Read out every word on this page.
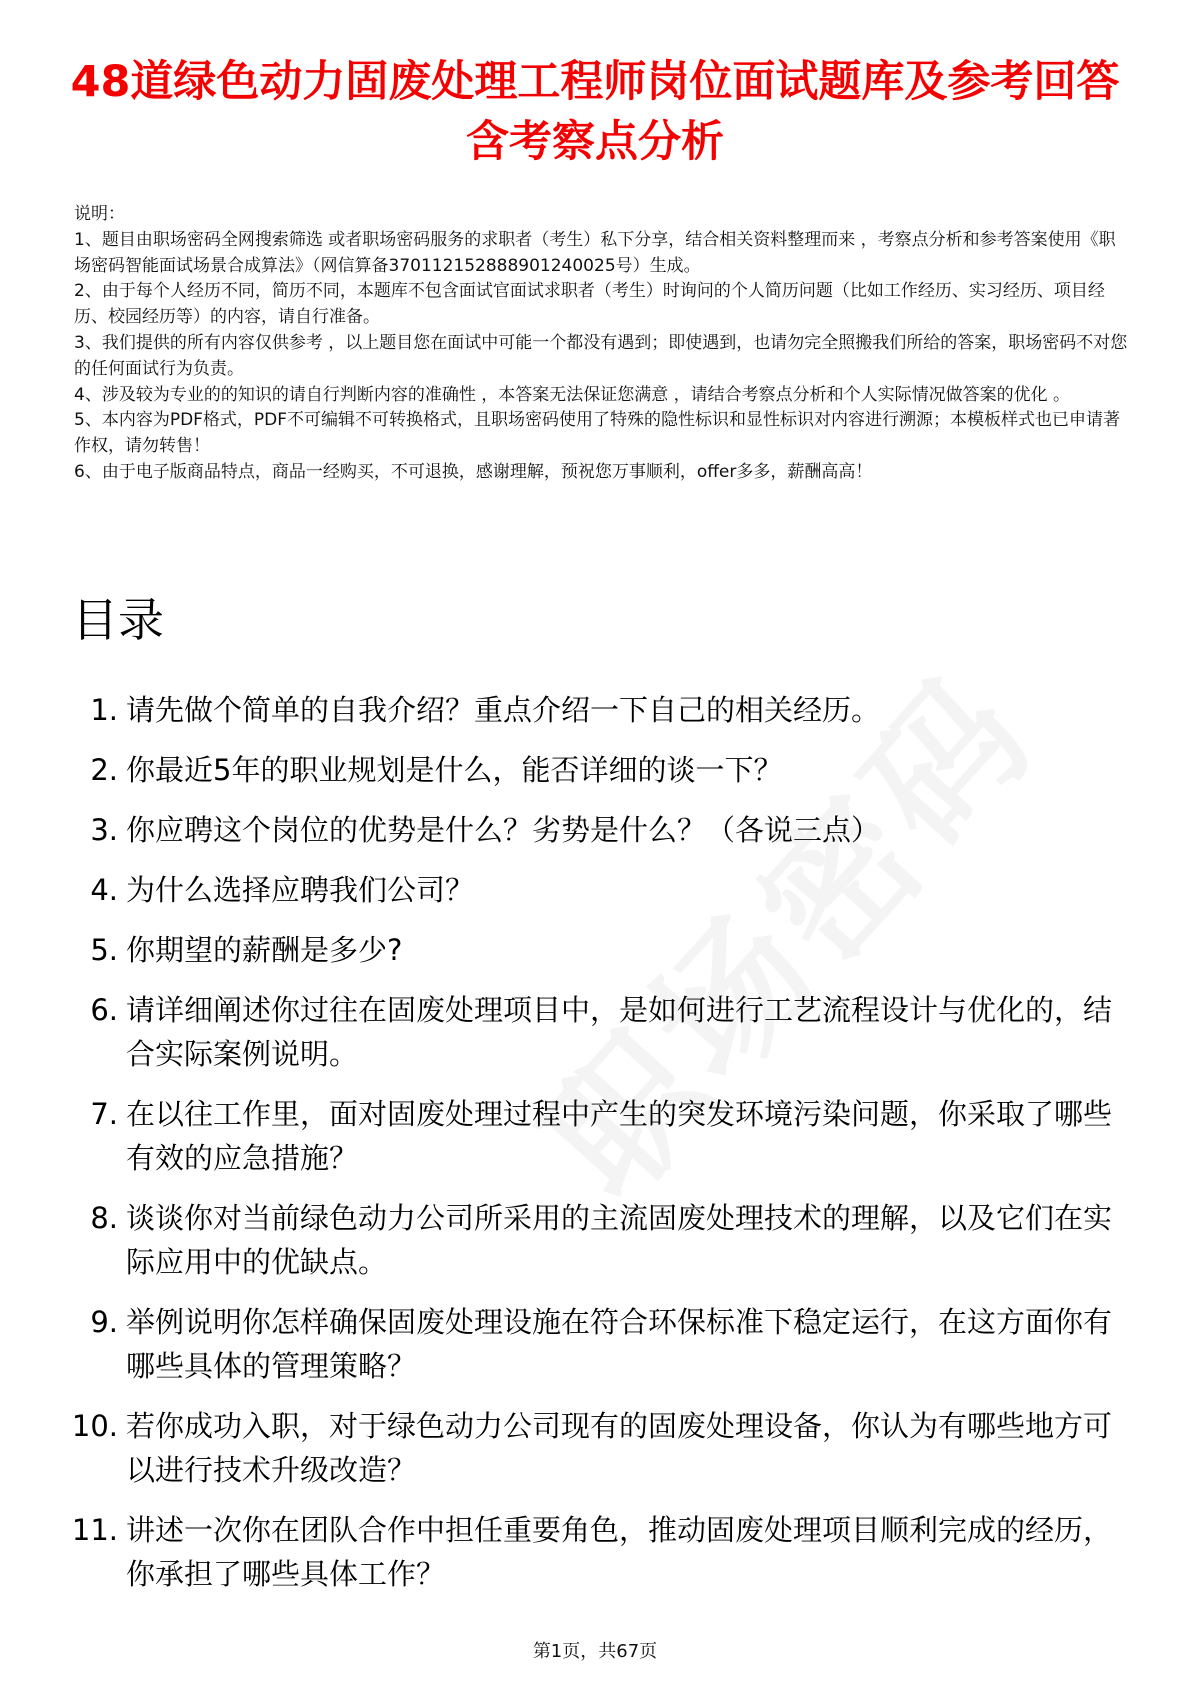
48道绿色动力固废处理工程师岗位面试题库及参考回答含考察点分析

说明：

1、题目由职场密码全网搜索筛选 或者职场密码服务的求职者（考生）私下分享，结合相关资料整理而来 ，考察点分析和参考答案使用《职场密码智能面试场景合成算法》（网信算备370112152888901240025号）生成。

2、由于每个人经历不同，简历不同，本题库不包含面试官面试求职者（考生）时询问的个人简历问题（比如工作经历、实习经历、项目经历、校园经历等）的内容，请自行准备。

3、我们提供的所有内容仅供参考 ，以上题目您在面试中可能一个都没有遇到；即使遇到，也请勿完全照搬我们所给的答案，职场密码不对您的任何面试行为负责。

4、涉及较为专业的的知识的请自行判断内容的准确性 ，本答案无法保证您满意 ，请结合考察点分析和个人实际情况做答案的优化 。

5、本内容为PDF格式，PDF不可编辑不可转换格式，且职场密码使用了特殊的隐性标识和显性标识对内容进行溯源；本模板样式也已申请著作权，请勿转售！

6、由于电子版商品特点，商品一经购买，不可退换，感谢理解，预祝您万事顺利，offer多多，薪酬高高！

目录
1. 请先做个简单的自我介绍？重点介绍一下自己的相关经历。
2. 你最近5年的职业规划是什么，能否详细的谈一下？
3. 你应聘这个岗位的优势是什么？劣势是什么？（各说三点）
4. 为什么选择应聘我们公司？
5. 你期望的薪酬是多少?
6. 请详细阐述你过往在固废处理项目中，是如何进行工艺流程设计与优化的，结合实际案例说明。
7. 在以往工作里，面对固废处理过程中产生的突发环境污染问题，你采取了哪些有效的应急措施？
8. 谈谈你对当前绿色动力公司所采用的主流固废处理技术的理解，以及它们在实际应用中的优缺点。
9. 举例说明你怎样确保固废处理设施在符合环保标准下稳定运行，在这方面你有哪些具体的管理策略？
10. 若你成功入职，对于绿色动力公司现有的固废处理设备，你认为有哪些地方可以进行技术升级改造？
11. 讲述一次你在团队合作中担任重要角色，推动固废处理项目顺利完成的经历，你承担了哪些具体工作？
第1页，共67页
